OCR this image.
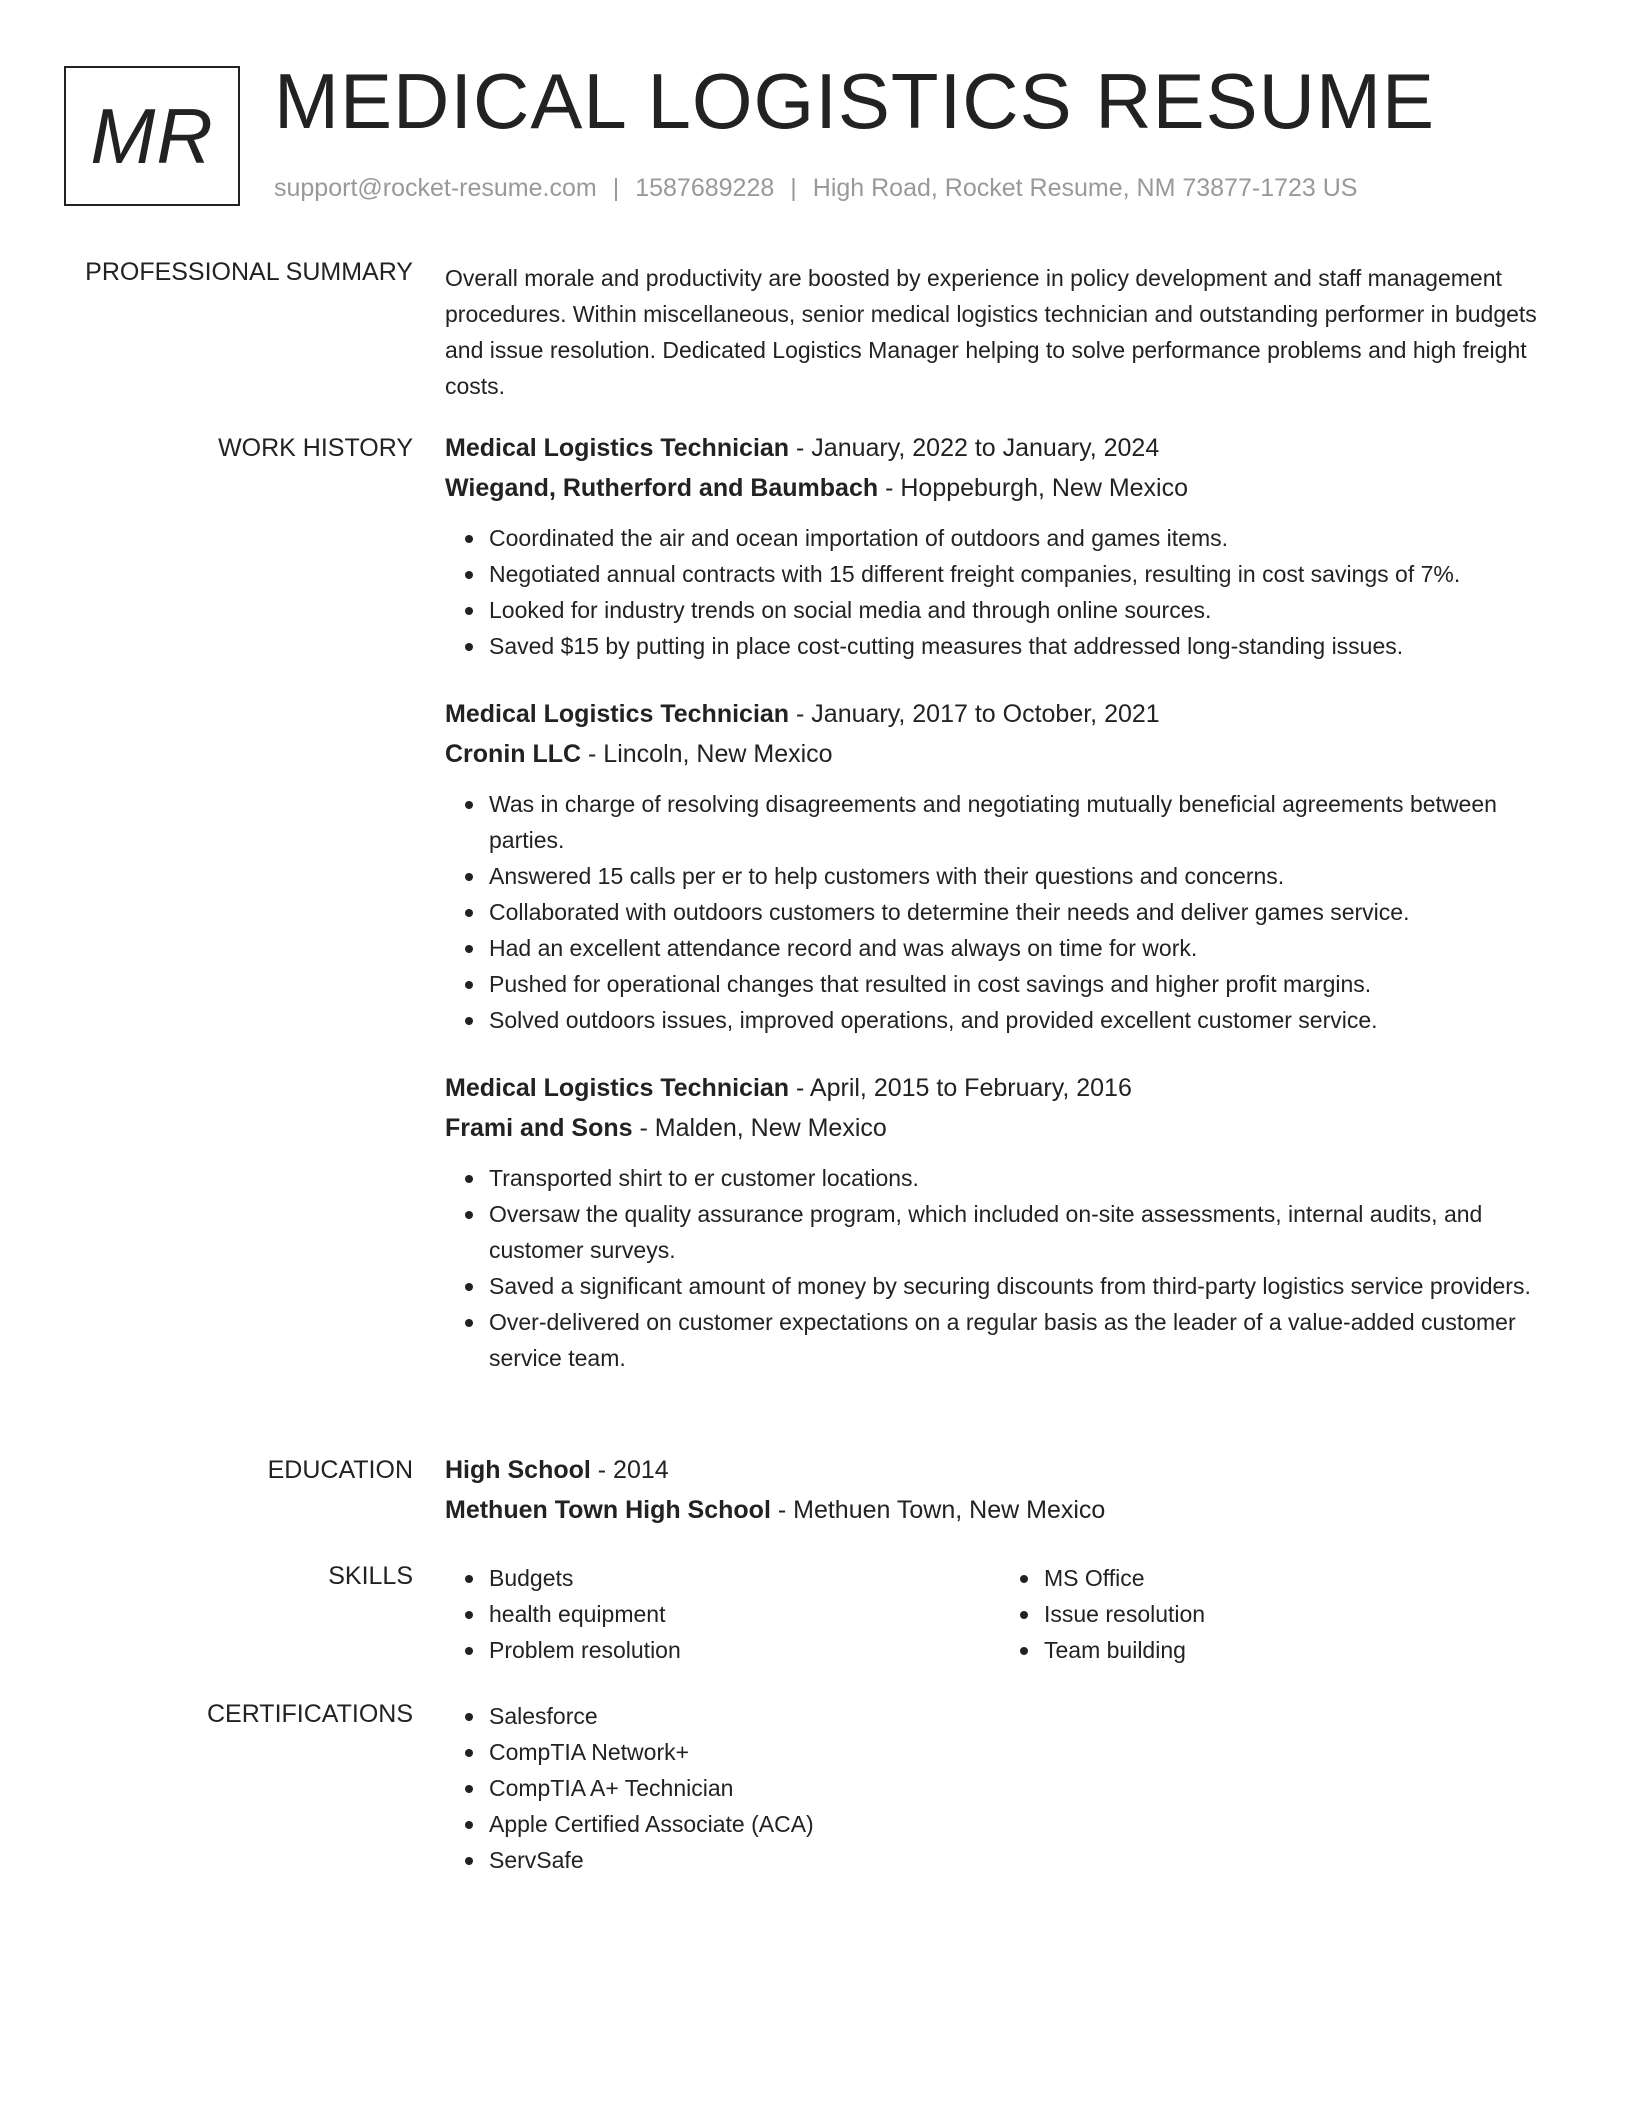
MR MEDICAL LOGISTICS RESUME
support@rocket-resume.com | 1587689228 | High Road, Rocket Resume, NM 73877-1723 US
PROFESSIONAL SUMMARY Overall morale and productivity are boosted by experience in policy development and staff management procedures. Within miscellaneous, senior medical logistics technician and outstanding performer in budgets and issue resolution. Dedicated Logistics Manager helping to solve performance problems and high freight costs.

WORK HISTORY Medical Logistics Technician - January, 2022 to January, 2024
Wiegand, Rutherford and Baumbach - Hoppeburgh, New Mexico
Coordinated the air and ocean importation of outdoors and games items.
Negotiated annual contracts with 15 different freight companies, resulting in cost savings of 7%.
Looked for industry trends on social media and through online sources.
Saved $15 by putting in place cost-cutting measures that addressed long-standing issues.
Medical Logistics Technician - January, 2017 to October, 2021
Cronin LLC - Lincoln, New Mexico
Was in charge of resolving disagreements and negotiating mutually beneficial agreements between parties.
Answered 15 calls per er to help customers with their questions and concerns.
Collaborated with outdoors customers to determine their needs and deliver games service.
Had an excellent attendance record and was always on time for work.
Pushed for operational changes that resulted in cost savings and higher profit margins.
Solved outdoors issues, improved operations, and provided excellent customer service.
Medical Logistics Technician - April, 2015 to February, 2016
Frami and Sons - Malden, New Mexico
Transported shirt to er customer locations.
Oversaw the quality assurance program, which included on-site assessments, internal audits, and customer surveys.
Saved a significant amount of money by securing discounts from third-party logistics service providers.
Over-delivered on customer expectations on a regular basis as the leader of a value-added customer service team.
EDUCATION High School - 2014
Methuen Town High School - Methuen Town, New Mexico
SKILLS	Budgets
health equipment
Problem resolution
MS Office
Issue resolution
Team building
CERTIFICATIONS	Salesforce
CompTIA Network+
CompTIA A+ Technician
Apple Certified Associate (ACA)
ServSafe
